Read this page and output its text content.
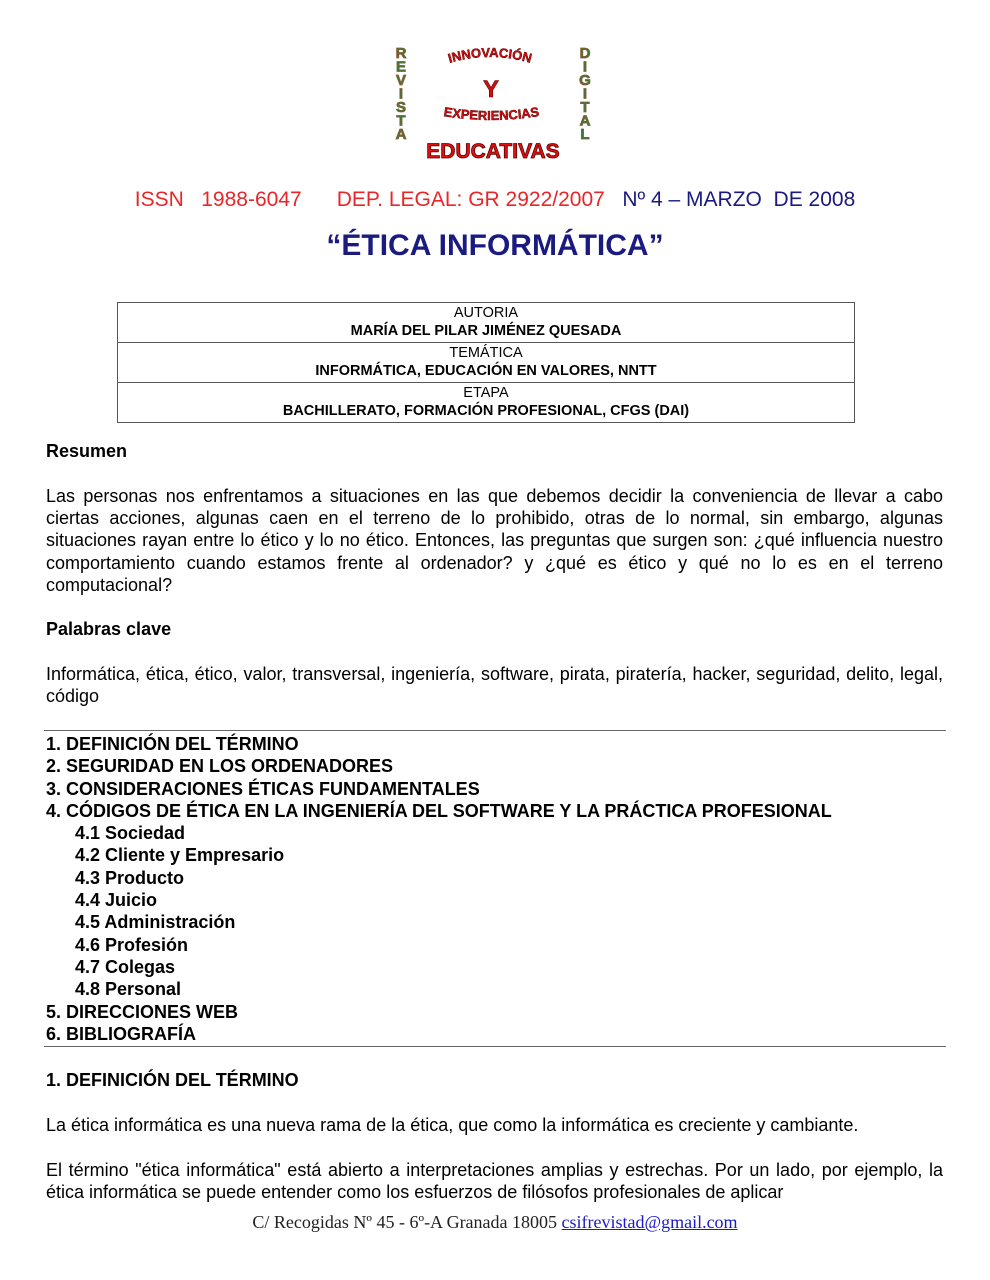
R
E
V
I
S
T
A
D
I
G
I
T
A
L
INNOVACIÓN
Y
EXPERIENCIAS
EDUCATIVAS
ISSN   1988-6047 DEP. LEGAL: GR 2922/2007 Nº 4 – MARZO  DE 2008
“ÉTICA INFORMÁTICA”
AUTORIA
MARÍA DEL PILAR JIMÉNEZ QUESADA

TEMÁTICA
INFORMÁTICA, EDUCACIÓN EN VALORES, NNTT

ETAPA
BACHILLERATO, FORMACIÓN PROFESIONAL, CFGS (DAI)
Resumen
Las personas nos enfrentamos a situaciones en las que debemos decidir la conveniencia de llevar a cabo ciertas acciones, algunas caen en el terreno de lo prohibido, otras de lo normal, sin embargo, algunas situaciones rayan entre lo ético y lo no ético. Entonces, las preguntas que surgen son: ¿qué influencia nuestro comportamiento cuando estamos frente al ordenador? y ¿qué es ético y qué no lo es en el terreno computacional?
Palabras clave
Informática, ética, ético, valor, transversal, ingeniería, software, pirata, piratería, hacker, seguridad, delito, legal, código
1. DEFINICIÓN DEL TÉRMINO
2. SEGURIDAD EN LOS ORDENADORES
3. CONSIDERACIONES ÉTICAS FUNDAMENTALES
4. CÓDIGOS DE ÉTICA EN LA INGENIERÍA DEL SOFTWARE Y LA PRÁCTICA PROFESIONAL
4.1 Sociedad
4.2 Cliente y Empresario
4.3 Producto
4.4 Juicio
4.5 Administración
4.6 Profesión
4.7 Colegas
4.8 Personal
5. DIRECCIONES WEB
6. BIBLIOGRAFÍA
1. DEFINICIÓN DEL TÉRMINO
La ética informática es una nueva rama de la ética, que como la informática es creciente y cambiante.
El término "ética informática" está abierto a interpretaciones amplias y estrechas. Por un lado, por ejemplo, la ética informática se puede entender como los esfuerzos de filósofos profesionales de aplicar
C/ Recogidas Nº 45 - 6º-A Granada 18005 csifrevistad@gmail.com
